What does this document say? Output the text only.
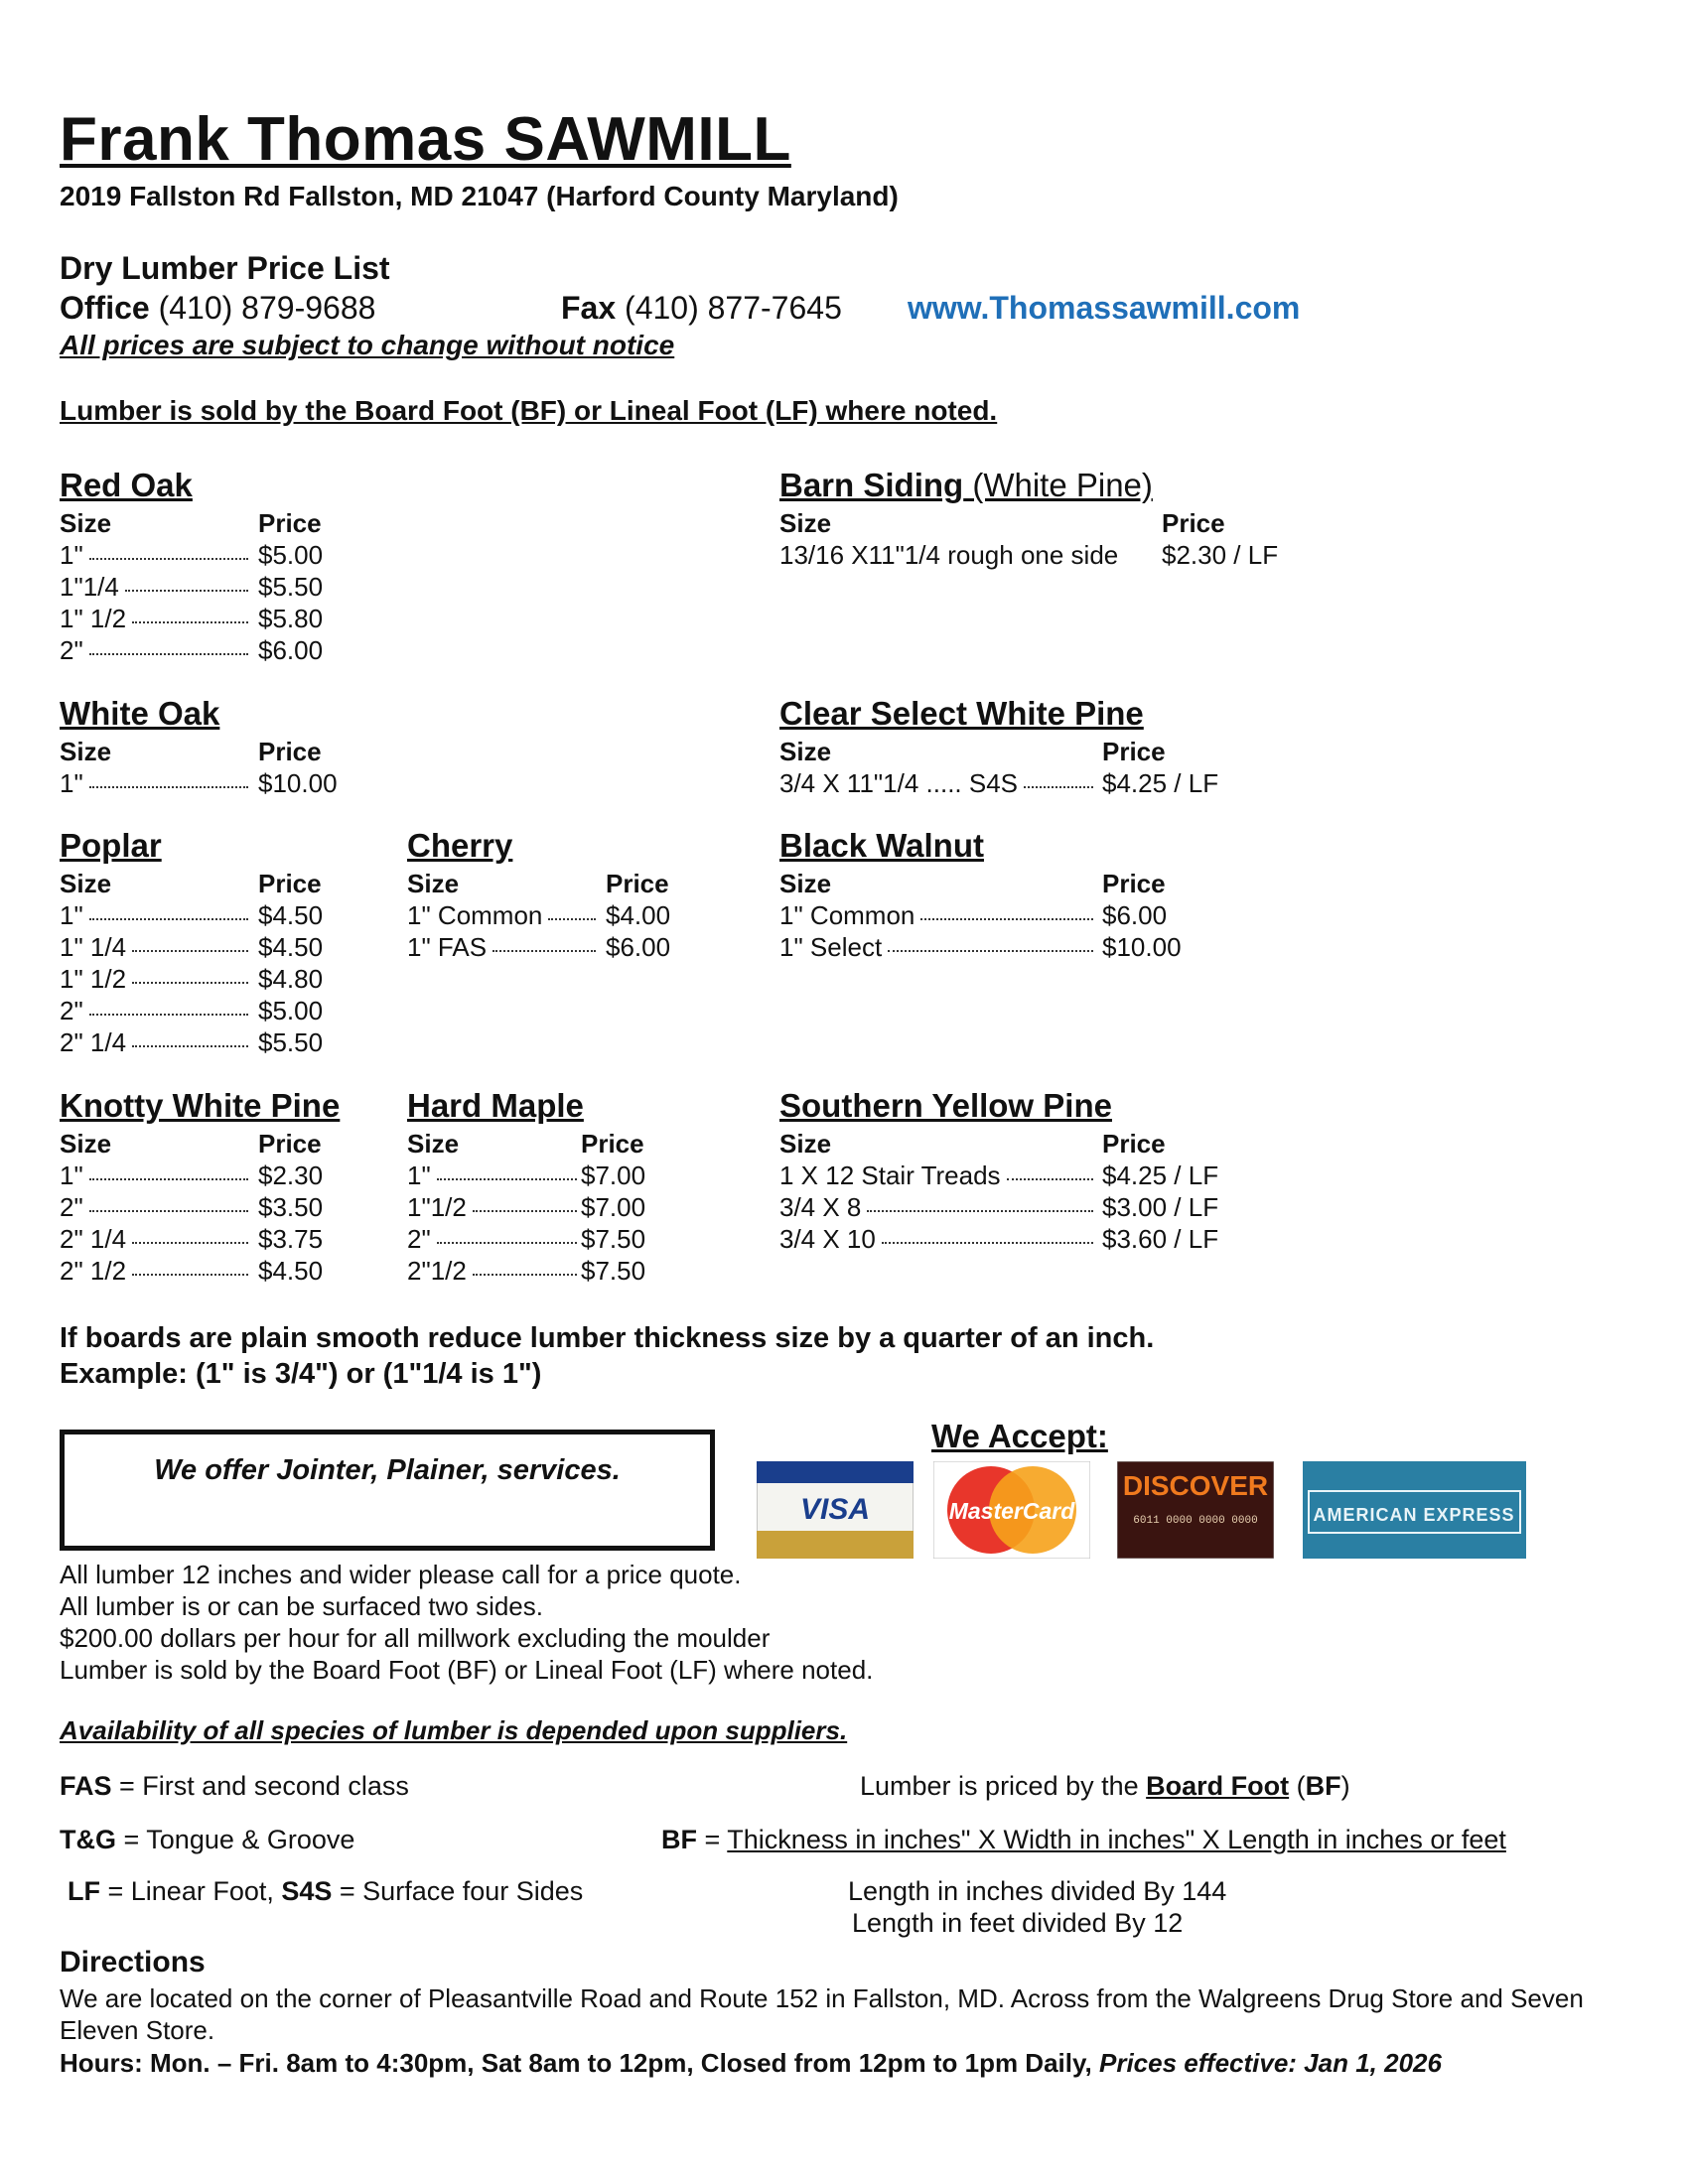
Frank Thomas SAWMILL
2019 Fallston Rd Fallston, MD 21047 (Harford County Maryland)
Dry Lumber Price List
Office (410) 879-9688	Fax (410) 877-7645 www.Thomassawmill.com
All prices are subject to change without notice
Lumber is sold by the Board Foot (BF) or Lineal Foot (LF) where noted.
Red Oak
Size	Price
1"	$5.00
1"1/4	$5.50
1" 1/2	$5.80
2"	$6.00
Barn Siding (White Pine)
Size	Price
13/16 X11"1/4 rough one side $2.30 / LF
White Oak
Size	Price
1"	$10.00
Clear Select White Pine
Size	Price
3/4 X 11"1/4 ..... S4S	$4.25 / LF
Poplar
Size	Price
1"	$4.50
1" 1/4	$4.50
1" 1/2	$4.80
2"	$5.00
2" 1/4	$5.50
Cherry
Size	Price
1" Common $4.00
1" FAS	$6.00
Black Walnut
Size	Price
1" Common	$6.00
1" Select	$10.00
Knotty White Pine
Size	Price
1"	$2.30
2"	$3.50
2" 1/4	$3.75
2" 1/2	$4.50
Hard Maple
Size	Price
1"	$7.00
1"1/2	$7.00
2"	$7.50
2"1/2	$7.50
Southern Yellow Pine
Size	Price
1 X 12 Stair Treads	$4.25 / LF
3/4 X 8	$3.00 / LF
3/4 X 10	$3.60 / LF
If boards are plain smooth reduce lumber thickness size by a quarter of an inch.
Example: (1" is 3/4") or (1"1/4 is 1")
We offer Jointer, Plainer, services.
We Accept:
VISA	MasterCard
DISCOVER
6011 0000 0000 0000	AMERICAN EXPRESS
All lumber 12 inches and wider please call for a price quote.
All lumber is or can be surfaced two sides.
$200.00 dollars per hour for all millwork excluding the moulder
Lumber is sold by the Board Foot (BF) or Lineal Foot (LF) where noted.
Availability of all species of lumber is depended upon suppliers.
FAS = First and second class
T&G = Tongue & Groove
LF = Linear Foot, S4S = Surface four Sides
Lumber is priced by the Board Foot (BF)
BF = Thickness in inches" X Width in inches" X Length in inches or feet
Length in inches divided By 144
Length in feet divided By 12
Directions
We are located on the corner of Pleasantville Road and Route 152 in Fallston, MD. Across from the Walgreens Drug Store and Seven Eleven Store.
Hours: Mon. – Fri. 8am to 4:30pm, Sat 8am to 12pm, Closed from 12pm to 1pm Daily, Prices effective: Jan 1, 2026
